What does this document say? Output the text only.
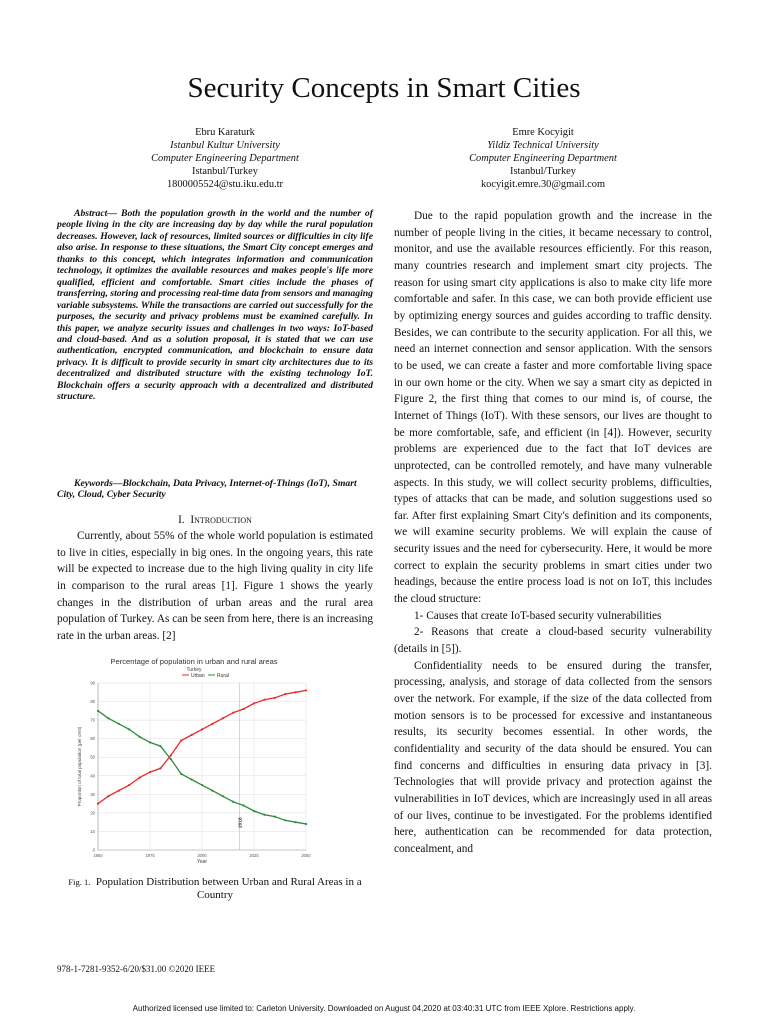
Security Concepts in Smart Cities
Ebru Karaturk
Istanbul Kultur University
Computer Engineering Department
Istanbul/Turkey
1800005524@stu.iku.edu.tr
Emre Kocyigit
Yildiz Technical University
Computer Engineering Department
Istanbul/Turkey
kocyigit.emre.30@gmail.com
Abstract— Both the population growth in the world and the number of people living in the city are increasing day by day while the rural population decreases. However, lack of resources, limited sources or difficulties in city life also arise. In response to these situations, the Smart City concept emerges and thanks to this concept, which integrates information and communication technology, it optimizes the available resources and makes people's life more qualified, efficient and comfortable. Smart cities include the phases of transferring, storing and processing real-time data from sensors and managing variable subsystems. While the transactions are carried out successfully for the purposes, the security and privacy problems must be examined carefully. In this paper, we analyze security issues and challenges in two ways: IoT-based and cloud-based. And as a solution proposal, it is stated that we can use authentication, encrypted communication, and blockchain to ensure data privacy. It is difficult to provide security in smart city architectures due to its decentralized and distributed structure with the existing technology IoT. Blockchain offers a security approach with a decentralized and distributed structure.
Keywords—Blockchain, Data Privacy, Internet-of-Things (IoT), Smart City, Cloud, Cyber Security
I. Introduction

Currently, about 55% of the whole world population is estimated to live in cities, especially in big ones. In the ongoing years, this rate will be expected to increase due to the high living quality in city life in comparison to the rural areas [1]. Figure 1 shows the yearly changes in the distribution of urban areas and the rural area population of Turkey. As can be seen from here, there is an increasing rate in the urban areas. [2]

Percentage of population in urban and rural areas
Turkey
Urban Rural
0
10
20
30
40
50
60
70
80
90
1950	1975	2000	2025	2050
2018
Year
Proportion of total population (per cent)
Fig. 1. Population Distribution between Urban and Rural Areas in a Country

Due to the rapid population growth and the increase in the number of people living in the cities, it became necessary to control, monitor, and use the available resources efficiently. For this reason, many countries research and implement smart city projects. The reason for using smart city applications is also to make city life more comfortable and safer. In this case, we can both provide efficient use by optimizing energy sources and guides according to traffic density. Besides, we can contribute to the security application. For all this, we need an internet connection and sensor application. With the sensors to be used, we can create a faster and more comfortable living space in our own home or the city. When we say a smart city as depicted in Figure 2, the first thing that comes to our mind is, of course, the Internet of Things (IoT). With these sensors, our lives are thought to be more comfortable, safe, and efficient (in [4]). However, security problems are experienced due to the fact that IoT devices are unprotected, can be controlled remotely, and have many vulnerable aspects. In this study, we will collect security problems, difficulties, types of attacks that can be made, and solution suggestions used so far. After first explaining Smart City's definition and its components, we will examine security problems. We will explain the cause of security issues and the need for cybersecurity. Here, it would be more correct to explain the security problems in smart cities under two headings, because the entire process load is not on IoT, this includes the cloud structure:

1- Causes that create IoT-based security vulnerabilities

2- Reasons that create a cloud-based security vulnerability (details in [5]).

Confidentiality needs to be ensured during the transfer, processing, analysis, and storage of data collected from the sensors over the network. For example, if the size of the data collected from motion sensors is to be processed for excessive and instantaneous results, its security becomes essential. In other words, the confidentiality and security of the data should be ensured. You can find concerns and difficulties in ensuring data privacy in [3]. Technologies that will provide privacy and protection against the vulnerabilities in IoT devices, which are increasingly used in all areas of our lives, continue to be investigated. For the problems identified here, authentication can be recommended for data protection, concealment, and

978-1-7281-9352-6/20/$31.00 ©2020 IEEE
Authorized licensed use limited to: Carleton University. Downloaded on August 04,2020 at 03:40:31 UTC from IEEE Xplore. Restrictions apply.
